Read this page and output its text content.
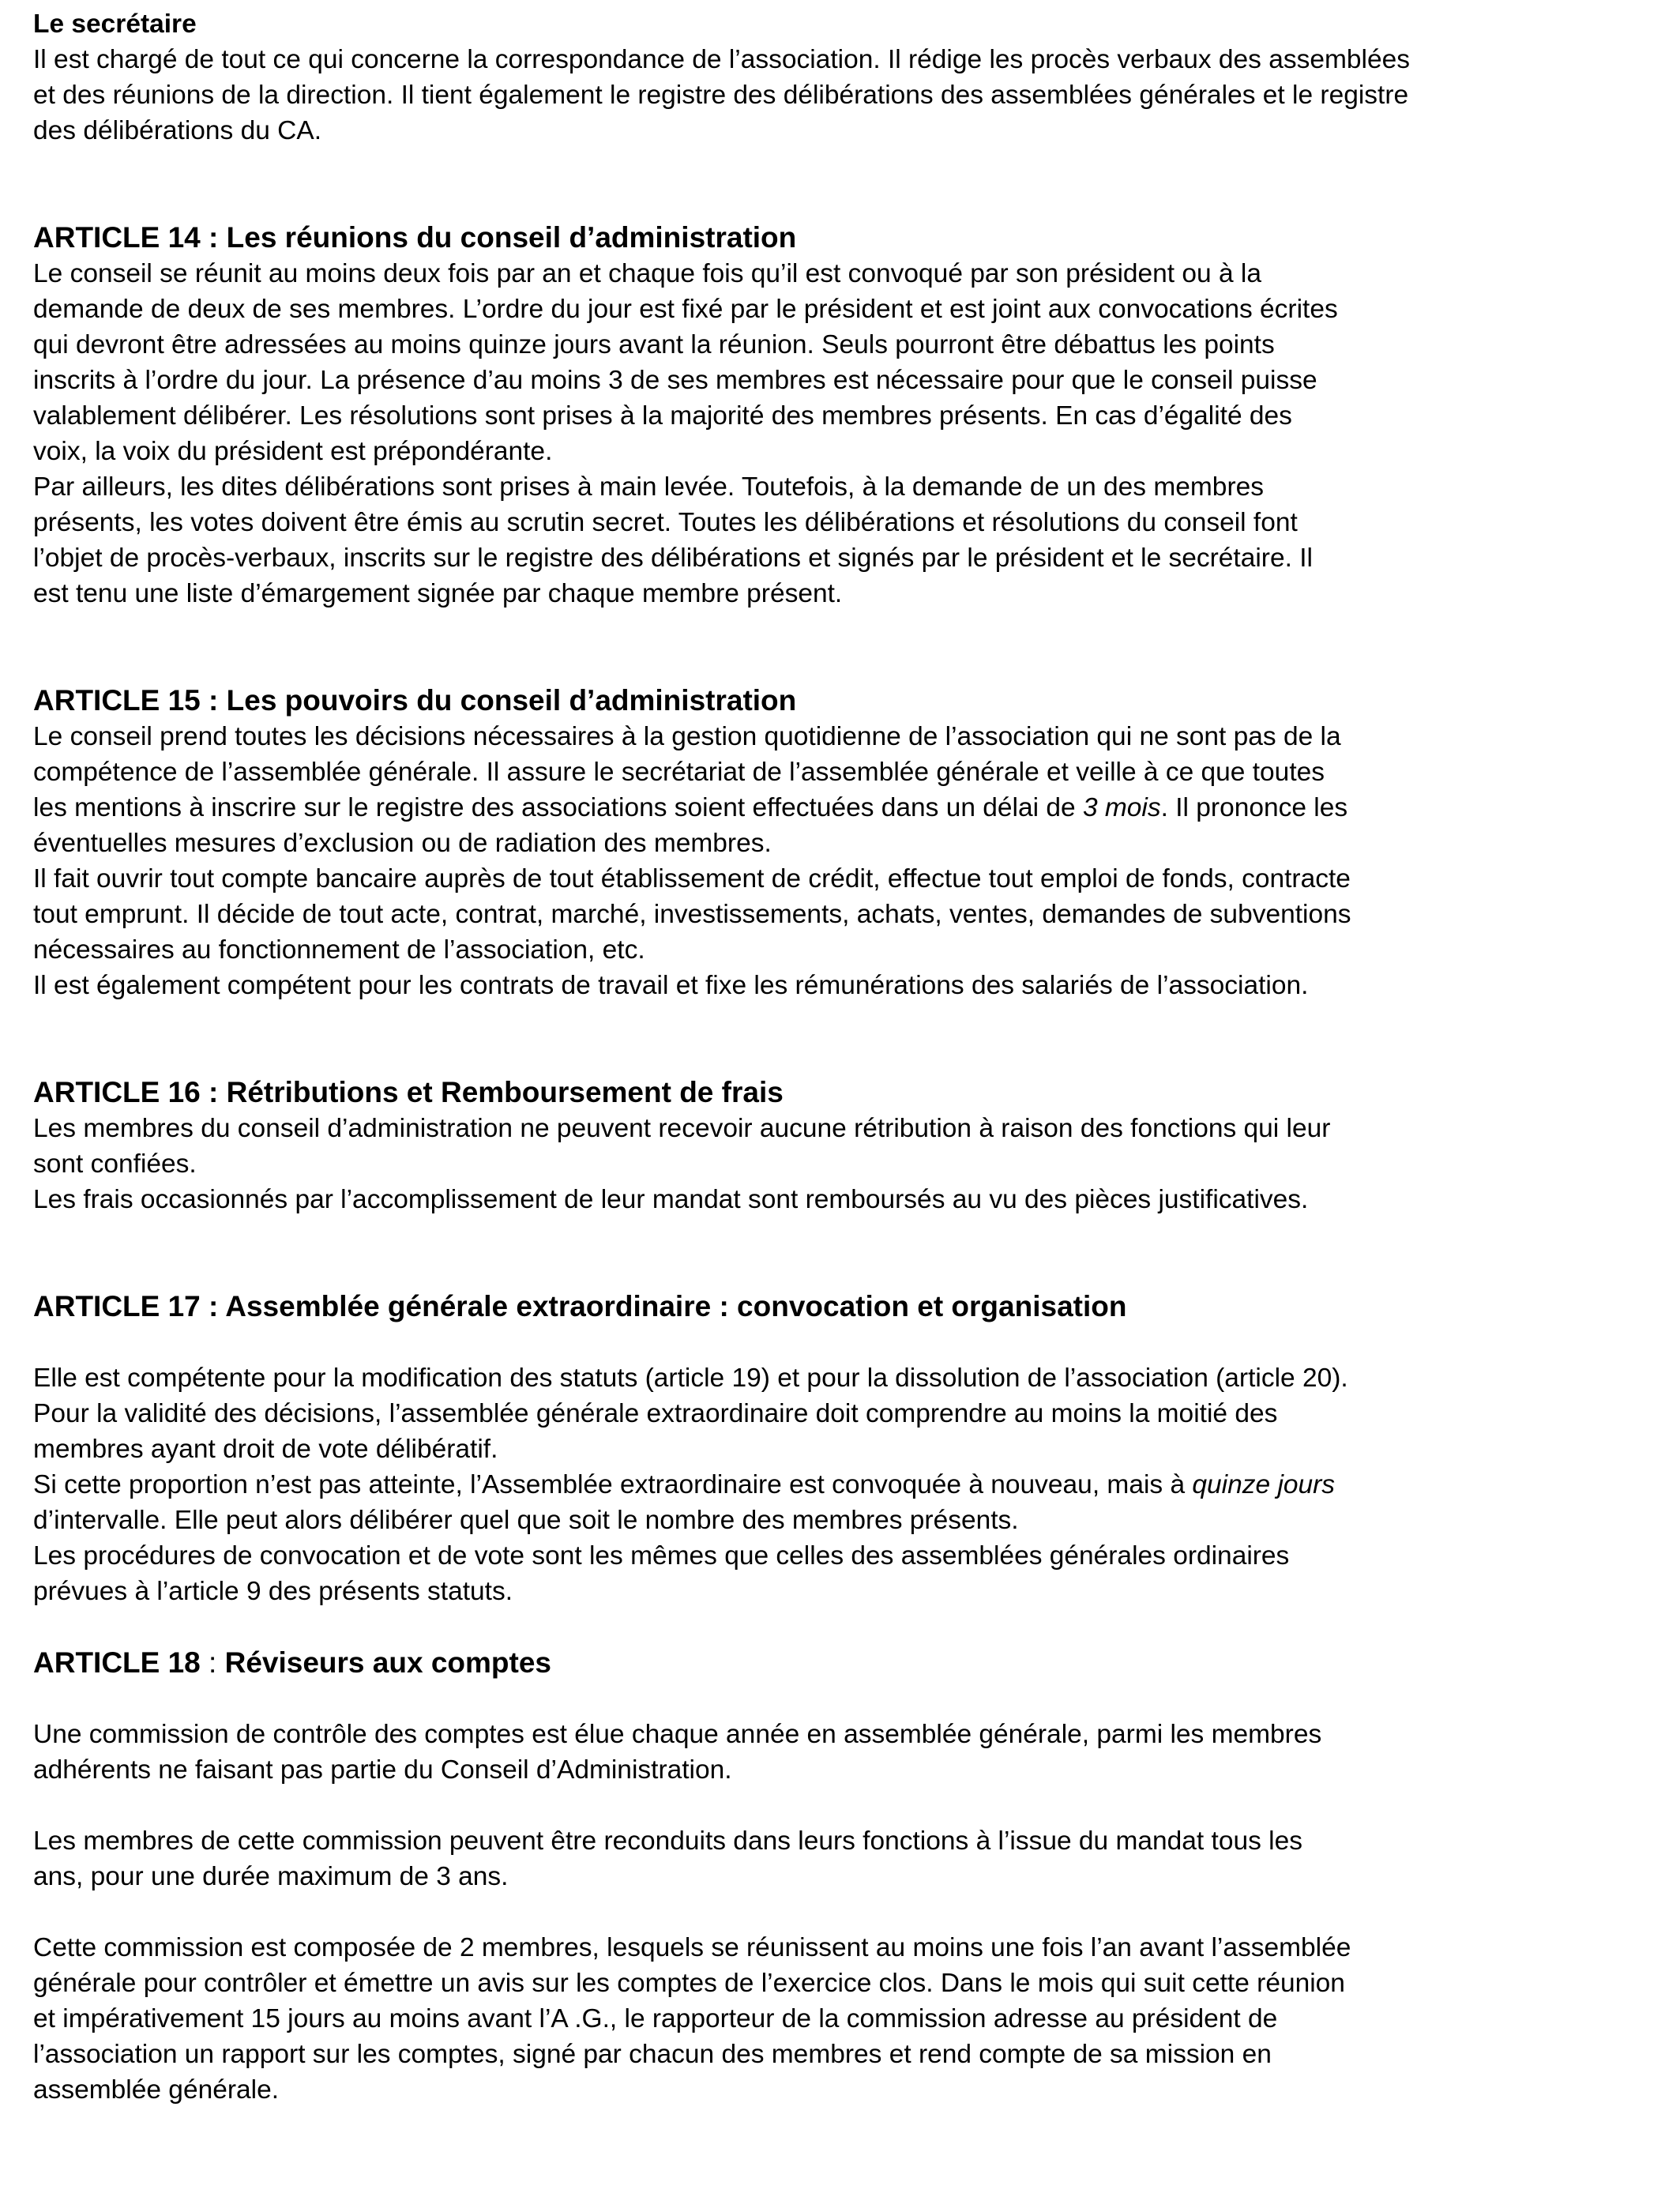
Le secrétaire
Il est chargé de tout ce qui concerne la correspondance de l’association. Il rédige les procès verbaux des assemblées
et des réunions de la direction. Il tient également le registre des délibérations des assemblées générales et le registre
des délibérations du CA.
ARTICLE 14 : Les réunions du conseil d’administration
Le conseil se réunit au moins deux fois par an et chaque fois qu’il est convoqué par son président ou à la
demande de deux de ses membres. L’ordre du jour est fixé par le président et est joint aux convocations écrites
qui devront être adressées au moins quinze jours avant la réunion. Seuls pourront être débattus les points
inscrits à l’ordre du jour. La présence d’au moins 3 de ses membres est nécessaire pour que le conseil puisse
valablement délibérer. Les résolutions sont prises à la majorité des membres présents. En cas d’égalité des
voix, la voix du président est prépondérante.
Par ailleurs, les dites délibérations sont prises à main levée. Toutefois, à la demande de un des membres
présents, les votes doivent être émis au scrutin secret. Toutes les délibérations et résolutions du conseil font
l’objet de procès-verbaux, inscrits sur le registre des délibérations et signés par le président et le secrétaire. Il
est tenu une liste d’émargement signée par chaque membre présent.
ARTICLE 15 : Les pouvoirs du conseil d’administration
Le conseil prend toutes les décisions nécessaires à la gestion quotidienne de l’association qui ne sont pas de la
compétence de l’assemblée générale. Il assure le secrétariat de l’assemblée générale et veille à ce que toutes
les mentions à inscrire sur le registre des associations soient effectuées dans un délai de 3 mois. Il prononce les
éventuelles mesures d’exclusion ou de radiation des membres.
Il fait ouvrir tout compte bancaire auprès de tout établissement de crédit, effectue tout emploi de fonds, contracte
tout emprunt. Il décide de tout acte, contrat, marché, investissements, achats, ventes, demandes de subventions
nécessaires au fonctionnement de l’association, etc.
Il est également compétent pour les contrats de travail et fixe les rémunérations des salariés de l’association.
ARTICLE 16 : Rétributions et Remboursement de frais
Les membres du conseil d’administration ne peuvent recevoir aucune rétribution à raison des fonctions qui leur
sont confiées.
Les frais occasionnés par l’accomplissement de leur mandat sont remboursés au vu des pièces justificatives.
ARTICLE 17 : Assemblée générale extraordinaire : convocation et organisation
Elle est compétente pour la modification des statuts (article 19) et pour la dissolution de l’association (article 20).
Pour la validité des décisions, l’assemblée générale extraordinaire doit comprendre au moins la moitié des
membres ayant droit de vote délibératif.
Si cette proportion n’est pas atteinte, l’Assemblée extraordinaire est convoquée à nouveau, mais à quinze jours
d’intervalle. Elle peut alors délibérer quel que soit le nombre des membres présents.
Les procédures de convocation et de vote sont les mêmes que celles des assemblées générales ordinaires
prévues à l’article 9 des présents statuts.
ARTICLE 18 : Réviseurs aux comptes
Une commission de contrôle des comptes est élue chaque année en assemblée générale, parmi les membres
adhérents ne faisant pas partie du Conseil d’Administration.
Les membres de cette commission peuvent être reconduits dans leurs fonctions à l’issue du mandat tous les
ans, pour une durée maximum de 3 ans.
Cette commission est composée de 2 membres, lesquels se réunissent au moins une fois l’an avant l’assemblée
générale pour contrôler et émettre un avis sur les comptes de l’exercice clos. Dans le mois qui suit cette réunion
et impérativement 15 jours au moins avant l’A .G., le rapporteur de la commission adresse au président de
l’association un rapport sur les comptes, signé par chacun des membres et rend compte de sa mission en
assemblée générale.
